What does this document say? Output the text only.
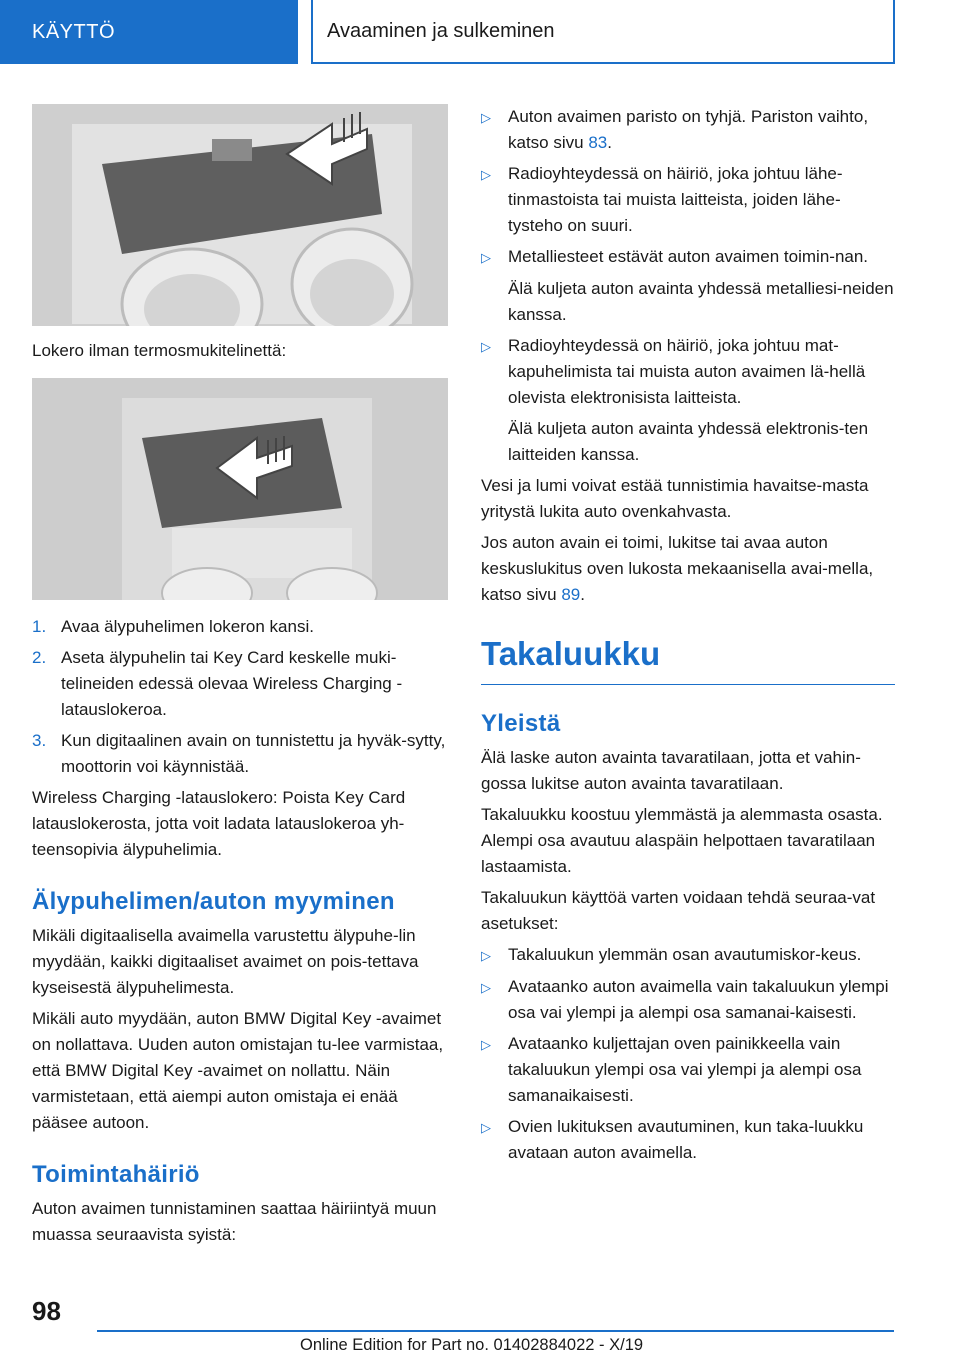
KÄYTTÖ	Avaaminen ja sulkeminen
Lokero ilman termosmukitelinettä:
1. Avaa älypuhelimen lokeron kansi.
2. Aseta älypuhelin tai Key Card keskelle muki‐telineiden edessä olevaa Wireless Charging -latauslokeroa.
3. Kun digitaalinen avain on tunnistettu ja hyväk‐sytty, moottorin voi käynnistää.

Wireless Charging -latauslokero: Poista Key Card latauslokerosta, jotta voit ladata latauslokeroa yh‐teensopivia älypuhelimia.

Älypuhelimen/auton myyminen

Mikäli digitaalisella avaimella varustettu älypuhe‐lin myydään, kaikki digitaaliset avaimet on pois‐tettava kyseisestä älypuhelimesta.

Mikäli auto myydään, auton BMW Digital Key -avaimet on nollattava. Uuden auton omistajan tu‐lee varmistaa, että BMW Digital Key -avaimet on nollattu. Näin varmistetaan, että aiempi auton omistaja ei enää pääsee autoon.

Toimintahäiriö

Auton avaimen tunnistaminen saattaa häiriintyä muun muassa seuraavista syistä:

▷	Auton avaimen paristo on tyhjä. Pariston vaihto, katso sivu 83.
▷	Radioyhteydessä on häiriö, joka johtuu lähe‐tinmastoista tai muista laitteista, joiden lähe‐tysteho on suuri.
▷	Metalliesteet estävät auton avaimen toimin‐nan.
Älä kuljeta auton avainta yhdessä metalliesi‐neiden kanssa.
▷	Radioyhteydessä on häiriö, joka johtuu mat‐kapuhelimista tai muista auton avaimen lä‐hellä olevista elektronisista laitteista.
Älä kuljeta auton avainta yhdessä elektronis‐ten laitteiden kanssa.

Vesi ja lumi voivat estää tunnistimia havaitse‐masta yritystä lukita auto ovenkahvasta.

Jos auton avain ei toimi, lukitse tai avaa auton keskuslukitus oven lukosta mekaanisella avai‐mella, katso sivu 89.

Takaluukku
Yleistä

Älä laske auton avainta tavaratilaan, jotta et vahin‐gossa lukitse auton avainta tavaratilaan.

Takaluukku koostuu ylemmästä ja alemmasta osasta. Alempi osa avautuu alaspäin helpottaen tavaratilaan lastaamista.

Takaluukun käyttöä varten voidaan tehdä seuraa‐vat asetukset:

▷	Takaluukun ylemmän osan avautumiskor‐keus.
▷	Avataanko auton avaimella vain takaluukun ylempi osa vai ylempi ja alempi osa samanai‐kaisesti.
▷	Avataanko kuljettajan oven painikkeella vain takaluukun ylempi osa vai ylempi ja alempi osa samanaikaisesti.
▷	Ovien lukituksen avautuminen, kun taka‐luukku avataan auton avaimella.
98
Online Edition for Part no. 01402884022 - X/19
